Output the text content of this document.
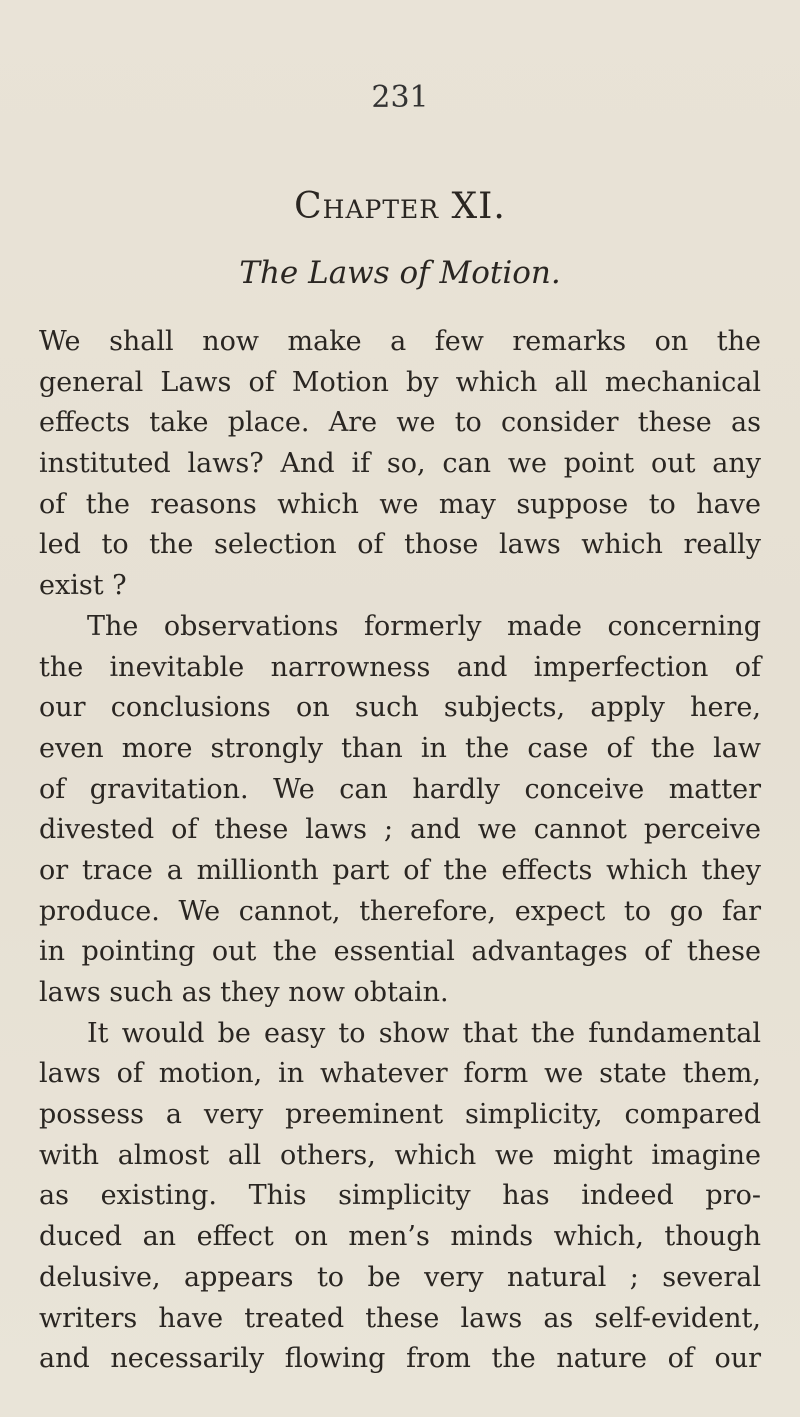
231
Chapter XI.
The Laws of Motion.
We shall now make a few remarks on the
general Laws of Motion by which all mechanical
effects take place. Are we to consider these as
instituted laws? And if so, can we point out any
of the reasons which we may suppose to have
led to the selection of those laws which really
exist ?
The observations formerly made concerning
the inevitable narrowness and imperfection of
our conclusions on such subjects, apply here,
even more strongly than in the case of the law
of gravitation. We can hardly conceive matter
divested of these laws ; and we cannot perceive
or trace a millionth part of the effects which they
produce. We cannot, therefore, expect to go far
in pointing out the essential advantages of these
laws such as they now obtain.
It would be easy to show that the fundamental
laws of motion, in whatever form we state them,
possess a very preeminent simplicity, compared
with almost all others, which we might imagine
as existing. This simplicity has indeed pro-
duced an effect on men’s minds which, though
delusive, appears to be very natural ; several
writers have treated these laws as self-evident,
and necessarily flowing from the nature of our
